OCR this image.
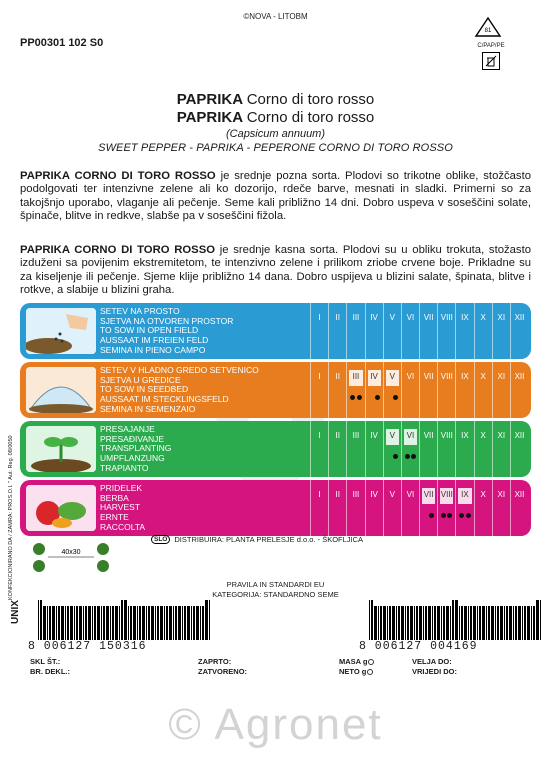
©NOVA - LITOBM
PP00301 102 S0
81
C/PAP/PE
PAPRIKA Corno di toro rosso
PAPRIKA Corno di toro rosso
(Capsicum annuum)
SWEET PEPPER - PAPRIKA - PEPERONE CORNO DI TORO ROSSO
PAPRIKA CORNO DI TORO ROSSO je srednje pozna sorta. Plodovi so trikotne oblike, stožčasto podolgovati ter intenzivne zelene ali ko dozorijo, rdeče barve, mesnati in sladki. Primerni so za takojšnjo uporabo, vlaganje ali pečenje. Seme kali približno 14 dni. Dobro uspeva v soseščini solate, špinače, blitve in redkve, slabše pa v soseščini fižola.
PAPRIKA CORNO DI TORO ROSSO je srednje kasna sorta. Plodovi su u obliku trokuta, stožasto izduženi sa povijenim ekstremitetom, te intenzivno zelene i prilikom zriobe crvene boje. Prikladne su za kiseljenje ili pečenje. Sjeme klije približno 14 dana. Dobro uspijeva u blizini salate, špinata, blitve i rotkve, a slabije u blizini graha.
SETEV NA PROSTO
SJETVA NA OTVOREN PROSTOR
TO SOW IN OPEN FIELD
AUSSAAT IM FREIEN FELD
SEMINA IN PIENO CAMPO
I	II	III	IV	V	VI	VII VIII	IX	X	XI	XII
SETEV V HLADNO GREDO SETVENICO
SJETVA U GREDICE
TO SOW IN SEEDBED
AUSSAAT IM STECKLINGSFELD
SEMINA IN SEMENZAIO
I	II	III	IV	V	VI	VII VIII	IX	X	XI	XII
PRESAJANJE
PRESAĐIVANJE
TRANSPLANTING
UMPFLANZUNG
TRAPIANTO
I	II	III	IV	V	VI	VII VIII	IX	X	XI	XII
PRIDELEK
BERBA
HARVEST
ERNTE
RACCOLTA
I	II	III	IV	V	VI	VII VIII	IX	X	XI	XII
KONFEKCIONIRANO DA / ZAMRA: PROS.O.I. " Aut. Reg. 08/0050	40x30
SLO DISTRIBUIRA: PLANTA PRELESJE d.o.o. - ŠKOFLJICA
UNIX
PRAVILA IN STANDARDI EU
KATEGORIJA: STANDARDNO SEME
8 006127 150316	8 006127 004169
SKL ŠT.:
BR. DEKL.:
ZAPRTO:
ZATVORENO:
MASA g
NETO g
VELJA DO:
VRIJEDI DO:
© Agronet
